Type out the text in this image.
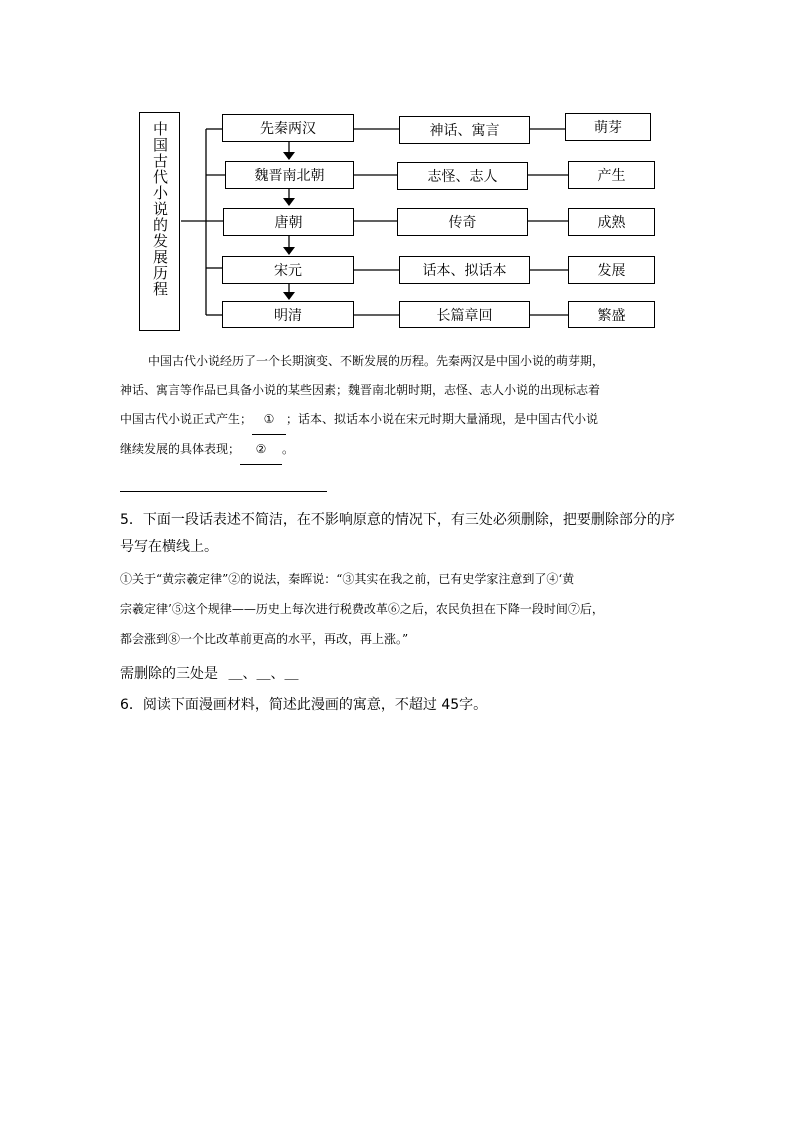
中国古代小说的发展历程	先秦两汉
魏晋南北朝
唐朝
宋元
明清
神话、寓言
志怪、志人
传奇
话本、拟话本
长篇章回
萌芽
产生
成熟
发展
繁盛
中国古代小说经历了一个长期演变、不断发展的历程。先秦两汉是中国小说的萌芽期，
神话、寓言等作品已具备小说的某些因素；魏晋南北朝时期，志怪、志人小说的出现标志着
中国古代小说正式产生； ① ；话本、拟话本小说在宋元时期大量涌现，是中国古代小说
继续发展的具体表现； ② 。
5．下面一段话表述不简洁，在不影响原意的情况下，有三处必须删除，把要删除部分的序
号写在横线上。
①关于“黄宗羲定律”②的说法，秦晖说：“③其实在我之前，已有史学家注意到了④‘黄
宗羲定律’⑤这个规律——历史上每次进行税费改革⑥之后，农民负担在下降一段时间⑦后，
都会涨到⑧一个比改革前更高的水平，再改，再上涨。”
需删除的三处是 ＿、＿、＿
6．阅读下面漫画材料，简述此漫画的寓意，不超过 45字。
